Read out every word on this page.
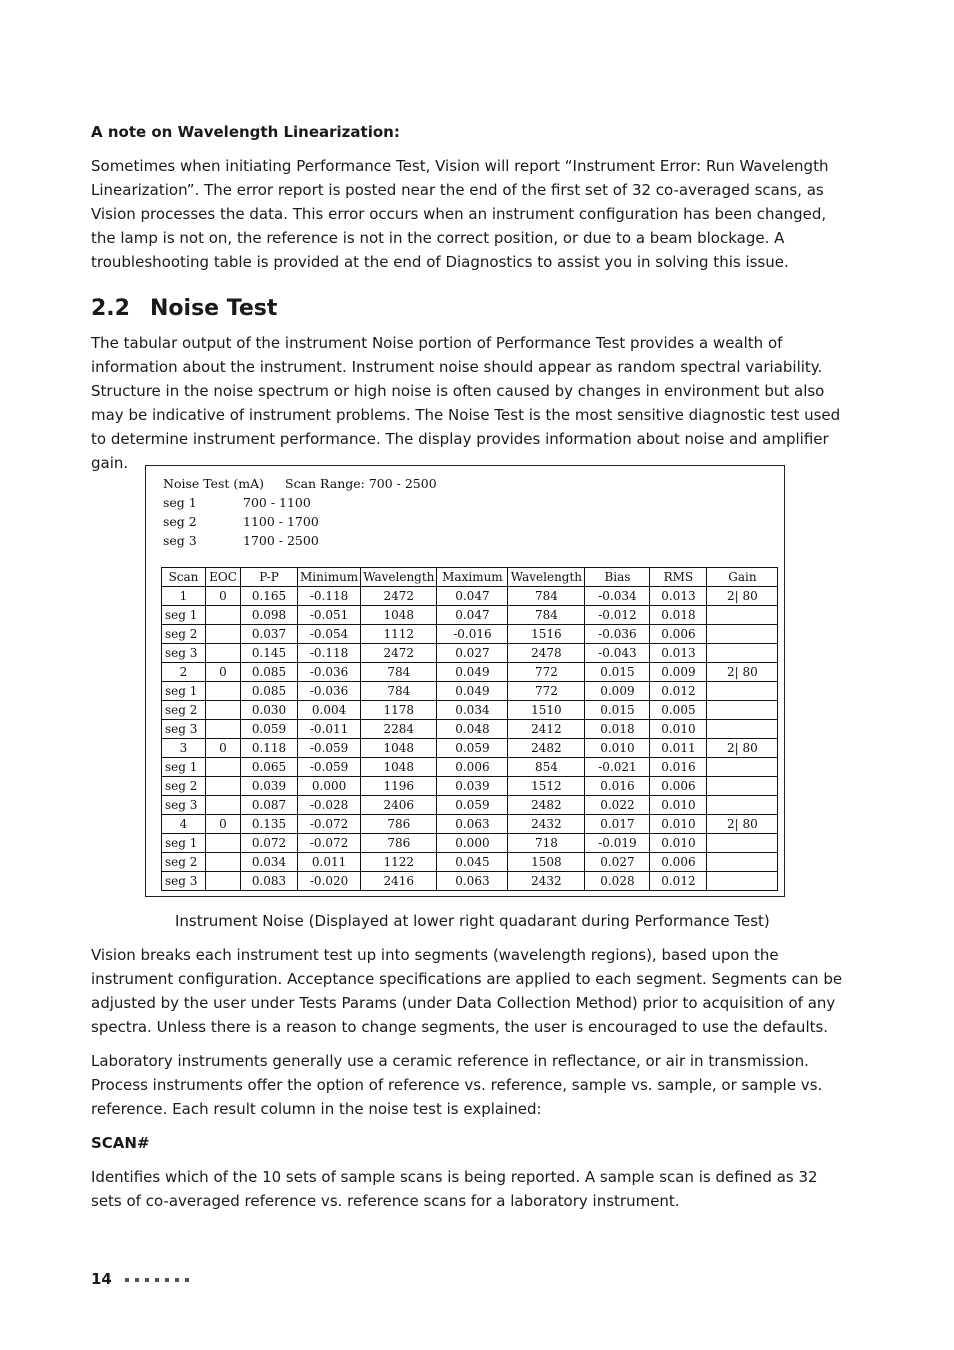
A note on Wavelength Linearization:

Sometimes when initiating Performance Test, Vision will report “Instrument Error: Run Wavelength Linearization”. The error report is posted near the end of the first set of 32 co-averaged scans, as Vision processes the data. This error occurs when an instrument configuration has been changed, the lamp is not on, the reference is not in the correct position, or due to a beam blockage. A troubleshooting table is provided at the end of Diagnostics to assist you in solving this issue.

2.2 Noise Test

The tabular output of the instrument Noise portion of Performance Test provides a wealth of information about the instrument. Instrument noise should appear as random spectral variability. Structure in the noise spectrum or high noise is often caused by changes in environment but also may be indicative of instrument problems. The Noise Test is the most sensitive diagnostic test used to determine instrument performance. The display provides information about noise and amplifier gain.

Noise Test (mA) Scan Range: 700 - 2500
seg 1	700 - 1100
seg 2	1100 - 1700
seg 3	1700 - 2500
Scan	EOC	P-P	Minimum	Wavelength	Maximum	Wavelength	Bias	RMS	Gain
1	0	0.165	-0.118	2472	0.047	784	-0.034	0.013	2| 80
seg 1		0.098	-0.051	1048	0.047	784	-0.012	0.018	
seg 2		0.037	-0.054	1112	-0.016	1516	-0.036	0.006	
seg 3		0.145	-0.118	2472	0.027	2478	-0.043	0.013	
2	0	0.085	-0.036	784	0.049	772	0.015	0.009	2| 80
seg 1		0.085	-0.036	784	0.049	772	0.009	0.012	
seg 2		0.030	0.004	1178	0.034	1510	0.015	0.005	
seg 3		0.059	-0.011	2284	0.048	2412	0.018	0.010	
3	0	0.118	-0.059	1048	0.059	2482	0.010	0.011	2| 80
seg 1		0.065	-0.059	1048	0.006	854	-0.021	0.016	
seg 2		0.039	0.000	1196	0.039	1512	0.016	0.006	
seg 3		0.087	-0.028	2406	0.059	2482	0.022	0.010	
4	0	0.135	-0.072	786	0.063	2432	0.017	0.010	2| 80
seg 1		0.072	-0.072	786	0.000	718	-0.019	0.010	
seg 2		0.034	0.011	1122	0.045	1508	0.027	0.006	
seg 3		0.083	-0.020	2416	0.063	2432	0.028	0.012	

Instrument Noise (Displayed at lower right quadarant during Performance Test)

Vision breaks each instrument test up into segments (wavelength regions), based upon the instrument configuration. Acceptance specifications are applied to each segment. Segments can be adjusted by the user under Tests Params (under Data Collection Method) prior to acquisition of any spectra. Unless there is a reason to change segments, the user is encouraged to use the defaults.

Laboratory instruments generally use a ceramic reference in reflectance, or air in transmission. Process instruments offer the option of reference vs. reference, sample vs. sample, or sample vs. reference. Each result column in the noise test is explained:

SCAN#

Identifies which of the 10 sets of sample scans is being reported. A sample scan is defined as 32 sets of co-averaged reference vs. reference scans for a laboratory instrument.

14
